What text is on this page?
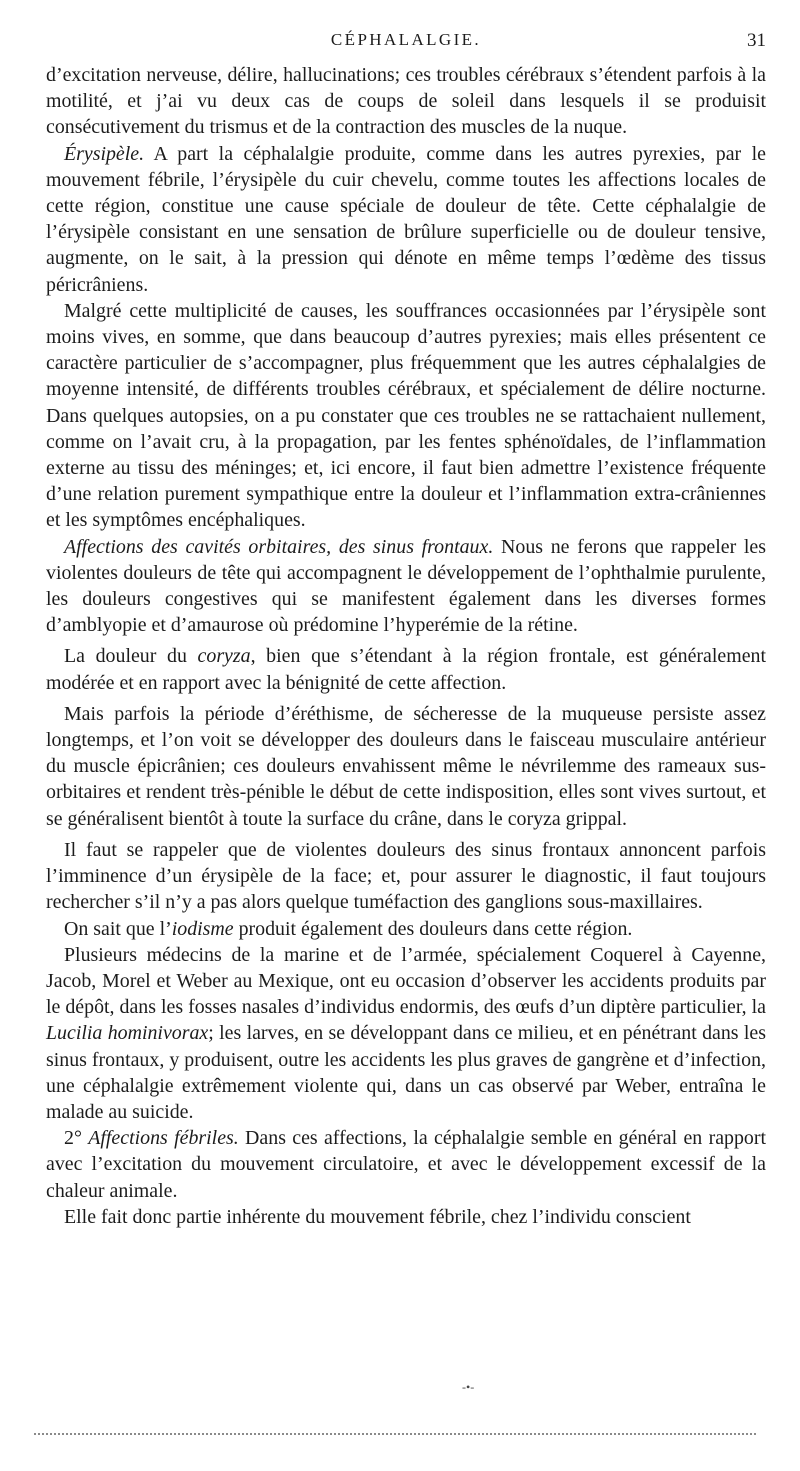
CÉPHALALGIE.	31

d’excitation nerveuse, délire, hallucinations; ces troubles cérébraux s’étendent parfois à la motilité, et j’ai vu deux cas de coups de soleil dans lesquels il se produisit consécutivement du trismus et de la contraction des muscles de la nuque.

Érysipèle. A part la céphalalgie produite, comme dans les autres pyrexies, par le mouvement fébrile, l’érysipèle du cuir chevelu, comme toutes les affections locales de cette région, constitue une cause spéciale de douleur de tête. Cette céphalalgie de l’érysipèle consistant en une sensation de brûlure superficielle ou de douleur tensive, augmente, on le sait, à la pression qui dénote en même temps l’œdème des tissus péricrâniens.

Malgré cette multiplicité de causes, les souffrances occasionnées par l’érysipèle sont moins vives, en somme, que dans beaucoup d’autres pyrexies; mais elles présentent ce caractère particulier de s’accompagner, plus fréquemment que les autres céphalalgies de moyenne intensité, de différents troubles cérébraux, et spécialement de délire nocturne. Dans quelques autopsies, on a pu constater que ces troubles ne se rattachaient nullement, comme on l’avait cru, à la propagation, par les fentes sphénoïdales, de l’inflammation externe au tissu des méninges; et, ici encore, il faut bien admettre l’existence fréquente d’une relation purement sympathique entre la douleur et l’inflammation extra-crâniennes et les symptômes encéphaliques.

Affections des cavités orbitaires, des sinus frontaux. Nous ne ferons que rappeler les violentes douleurs de tête qui accompagnent le développement de l’ophthalmie purulente, les douleurs congestives qui se manifestent également dans les diverses formes d’amblyopie et d’amaurose où prédomine l’hyperémie de la rétine.

La douleur du coryza, bien que s’étendant à la région frontale, est généralement modérée et en rapport avec la bénignité de cette affection.

Mais parfois la période d’éréthisme, de sécheresse de la muqueuse persiste assez longtemps, et l’on voit se développer des douleurs dans le faisceau musculaire antérieur du muscle épicrânien; ces douleurs envahissent même le névrilemme des rameaux sus-orbitaires et rendent très-pénible le début de cette indisposition, elles sont vives surtout, et se généralisent bientôt à toute la surface du crâne, dans le coryza grippal.

Il faut se rappeler que de violentes douleurs des sinus frontaux annoncent parfois l’imminence d’un érysipèle de la face; et, pour assurer le diagnostic, il faut toujours rechercher s’il n’y a pas alors quelque tuméfaction des ganglions sous-maxillaires.

On sait que l’iodisme produit également des douleurs dans cette région.

Plusieurs médecins de la marine et de l’armée, spécialement Coquerel à Cayenne, Jacob, Morel et Weber au Mexique, ont eu occasion d’observer les accidents produits par le dépôt, dans les fosses nasales d’individus endormis, des œufs d’un diptère particulier, la Lucilia hominivorax; les larves, en se développant dans ce milieu, et en pénétrant dans les sinus frontaux, y produisent, outre les accidents les plus graves de gangrène et d’infection, une céphalalgie extrêmement violente qui, dans un cas observé par Weber, entraîna le malade au suicide.

2° Affections fébriles. Dans ces affections, la céphalalgie semble en général en rapport avec l’excitation du mouvement circulatoire, et avec le développement excessif de la chaleur animale.

Elle fait donc partie inhérente du mouvement fébrile, chez l’individu conscient

-•-
